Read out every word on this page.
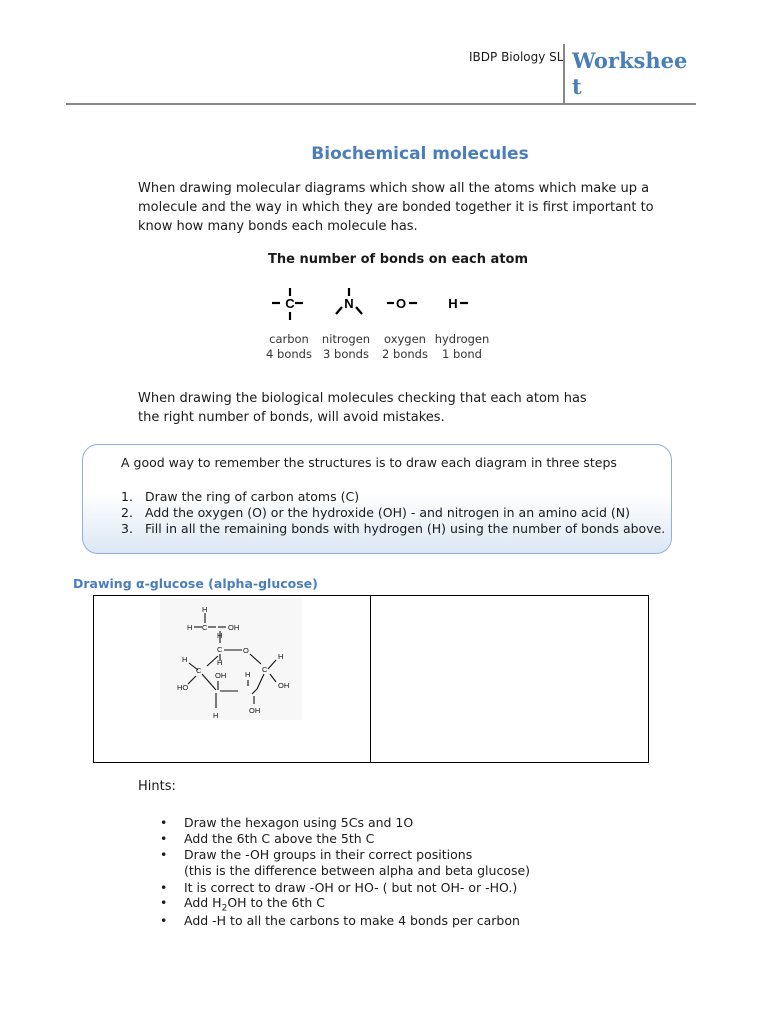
IBDP Biology SL Worksheet
Biochemical molecules
When drawing molecular diagrams which show all the atoms which make up a molecule and the way in which they are bonded together it is first important to know how many bonds each molecule has.
The number of bonds on each atom
C	N	O	H
carbon
4 bonds
nitrogen
3 bonds
oxygen
2 bonds
hydrogen
1 bond
When drawing the biological molecules checking that each atom has the right number of bonds, will avoid mistakes.
A good way to remember the structures is to draw each diagram in three steps
1. Draw the ring of carbon atoms (C)
2. Add the oxygen (O) or the hydroxide (OH) - and nitrogen in an amino acid (N)
3. Fill in all the remaining bonds with hydrogen (H) using the number of bonds above.
Drawing α-glucose (alpha-glucose)
H
H C	OH
H
C	O
H
H
C
OH
H
C
OH
HO
H
H
OH
Hints:
• Draw the hexagon using 5Cs and 1O
• Add the 6th C above the 5th C
• Draw the -OH groups in their correct positions
(this is the difference between alpha and beta glucose)
• It is correct to draw -OH or HO- ( but not OH- or -HO.)
• Add $H_2OH$ to the 6th C
• Add -H to all the carbons to make 4 bonds per carbon
